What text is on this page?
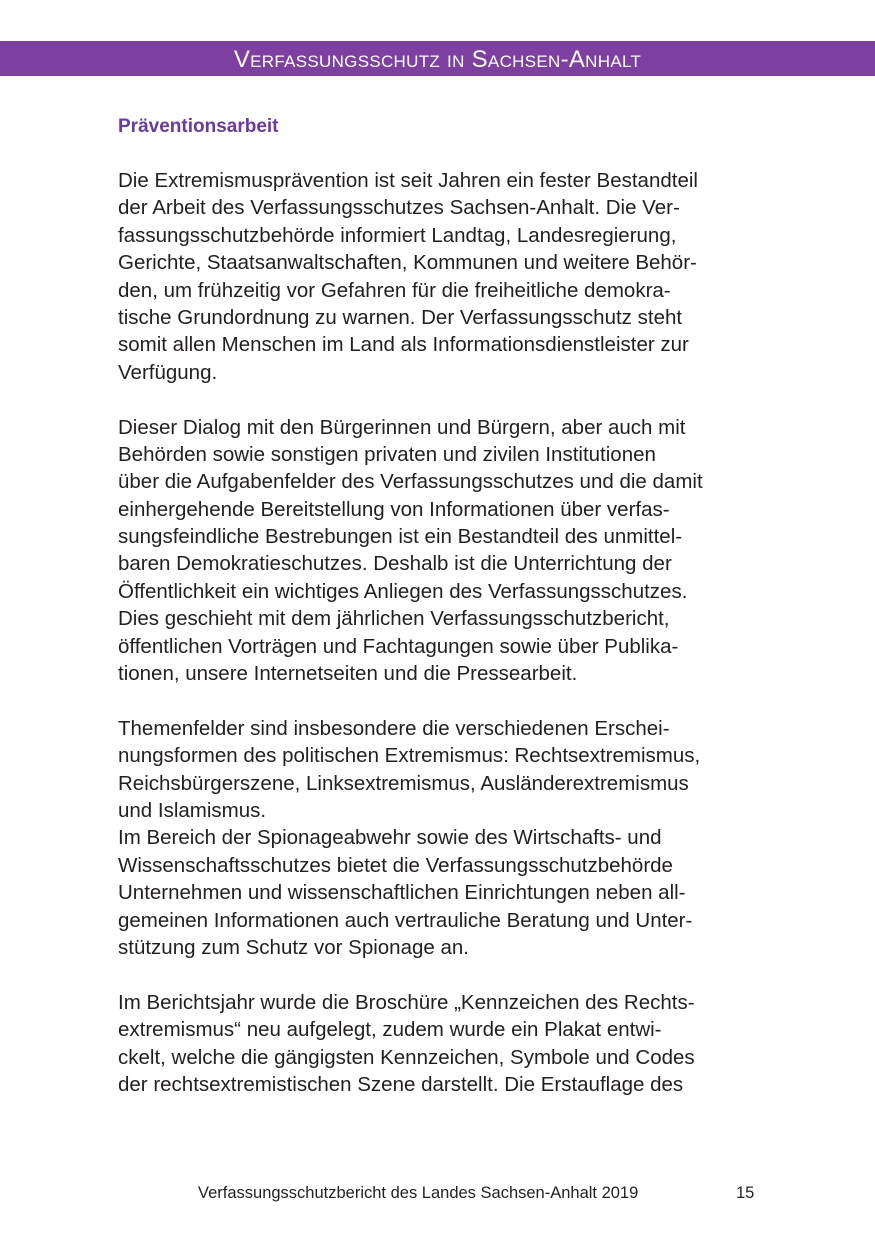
Verfassungsschutz in Sachsen-Anhalt
Präventionsarbeit

Die Extremismusprävention ist seit Jahren ein fester Bestandteil
der Arbeit des Verfassungsschutzes Sachsen-Anhalt. Die Ver-
fassungsschutzbehörde informiert Landtag, Landesregierung,
Gerichte, Staatsanwaltschaften, Kommunen und weitere Behör-
den, um frühzeitig vor Gefahren für die freiheitliche demokra-
tische Grundordnung zu warnen. Der Verfassungsschutz steht
somit allen Menschen im Land als Informationsdienstleister zur
Verfügung.

Dieser Dialog mit den Bürgerinnen und Bürgern, aber auch mit
Behörden sowie sonstigen privaten und zivilen Institutionen
über die Aufgabenfelder des Verfassungsschutzes und die damit
einhergehende Bereitstellung von Informationen über verfas-
sungsfeindliche Bestrebungen ist ein Bestandteil des unmittel-
baren Demokratieschutzes. Deshalb ist die Unterrichtung der
Öffentlichkeit ein wichtiges Anliegen des Verfassungsschutzes.
Dies geschieht mit dem jährlichen Verfassungsschutzbericht,
öffentlichen Vorträgen und Fachtagungen sowie über Publika-
tionen, unsere Internetseiten und die Pressearbeit.

Themenfelder sind insbesondere die verschiedenen Erschei-
nungsformen des politischen Extremismus: Rechtsextremismus,
Reichsbürgerszene, Linksextremismus, Ausländerextremismus
und Islamismus.
Im Bereich der Spionageabwehr sowie des Wirtschafts- und
Wissenschaftsschutzes bietet die Verfassungsschutzbehörde
Unternehmen und wissenschaftlichen Einrichtungen neben all-
gemeinen Informationen auch vertrauliche Beratung und Unter-
stützung zum Schutz vor Spionage an.

Im Berichtsjahr wurde die Broschüre „Kennzeichen des Rechts-
extremismus“ neu aufgelegt, zudem wurde ein Plakat entwi-
ckelt, welche die gängigsten Kennzeichen, Symbole und Codes
der rechtsextremistischen Szene darstellt. Die Erstauflage des

Verfassungsschutzbericht des Landes Sachsen-Anhalt 2019	15
